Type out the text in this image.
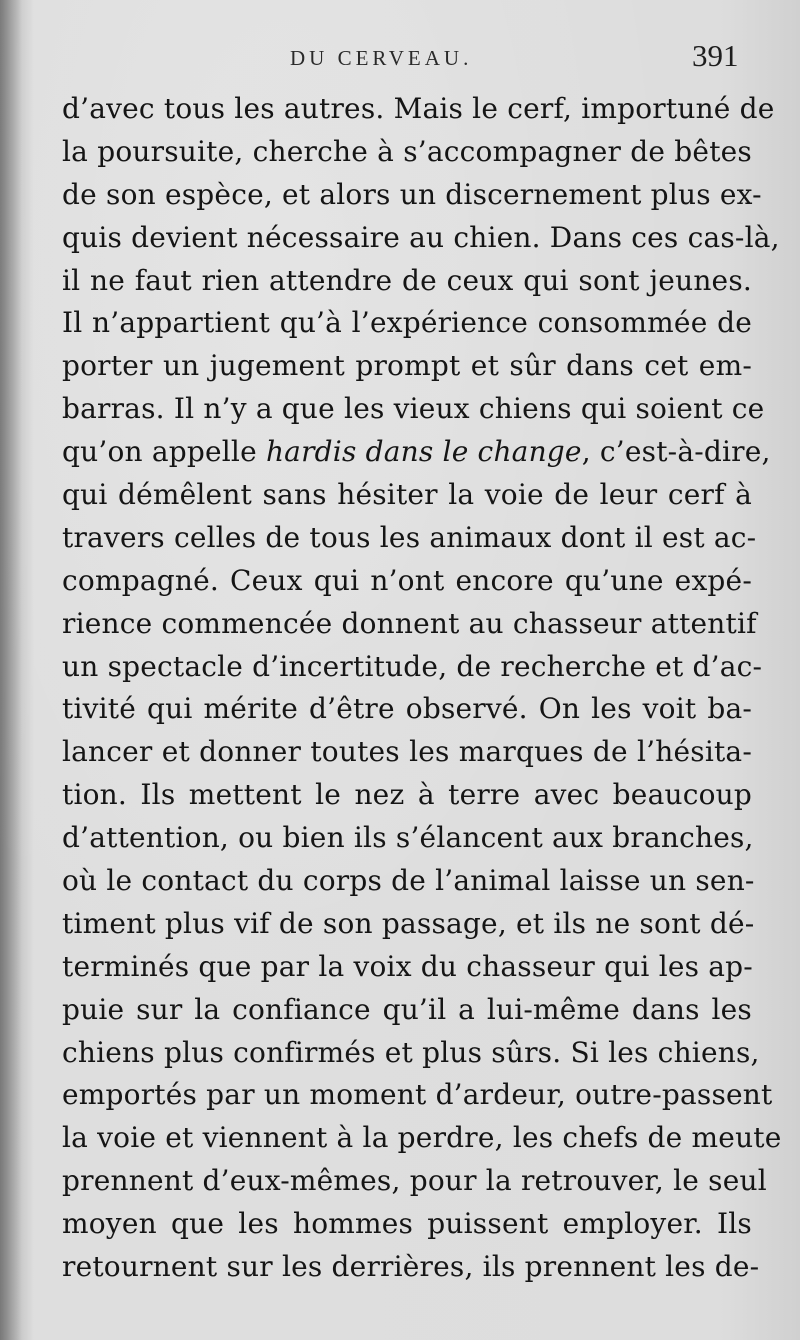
DU CERVEAU.	391
d’avec tous les autres. Mais le cerf, importuné de
la poursuite, cherche à s’accompagner de bêtes
de son espèce, et alors un discernement plus ex-
quis devient nécessaire au chien. Dans ces cas-là,
il ne faut rien attendre de ceux qui sont jeunes.
Il n’appartient qu’à l’expérience consommée de
porter un jugement prompt et sûr dans cet em-
barras. Il n’y a que les vieux chiens qui soient ce
qu’on appelle hardis dans le change, c’est-à-dire,
qui démêlent sans hésiter la voie de leur cerf à
travers celles de tous les animaux dont il est ac-
compagné. Ceux qui n’ont encore qu’une expé-
rience commencée donnent au chasseur attentif
un spectacle d’incertitude, de recherche et d’ac-
tivité qui mérite d’être observé. On les voit ba-
lancer et donner toutes les marques de l’hésita-
tion. Ils mettent le nez à terre avec beaucoup
d’attention, ou bien ils s’élancent aux branches,
où le contact du corps de l’animal laisse un sen-
timent plus vif de son passage, et ils ne sont dé-
terminés que par la voix du chasseur qui les ap-
puie sur la confiance qu’il a lui-même dans les
chiens plus confirmés et plus sûrs. Si les chiens,
emportés par un moment d’ardeur, outre-passent
la voie et viennent à la perdre, les chefs de meute
prennent d’eux-mêmes, pour la retrouver, le seul
moyen que les hommes puissent employer. Ils
retournent sur les derrières, ils prennent les de-
